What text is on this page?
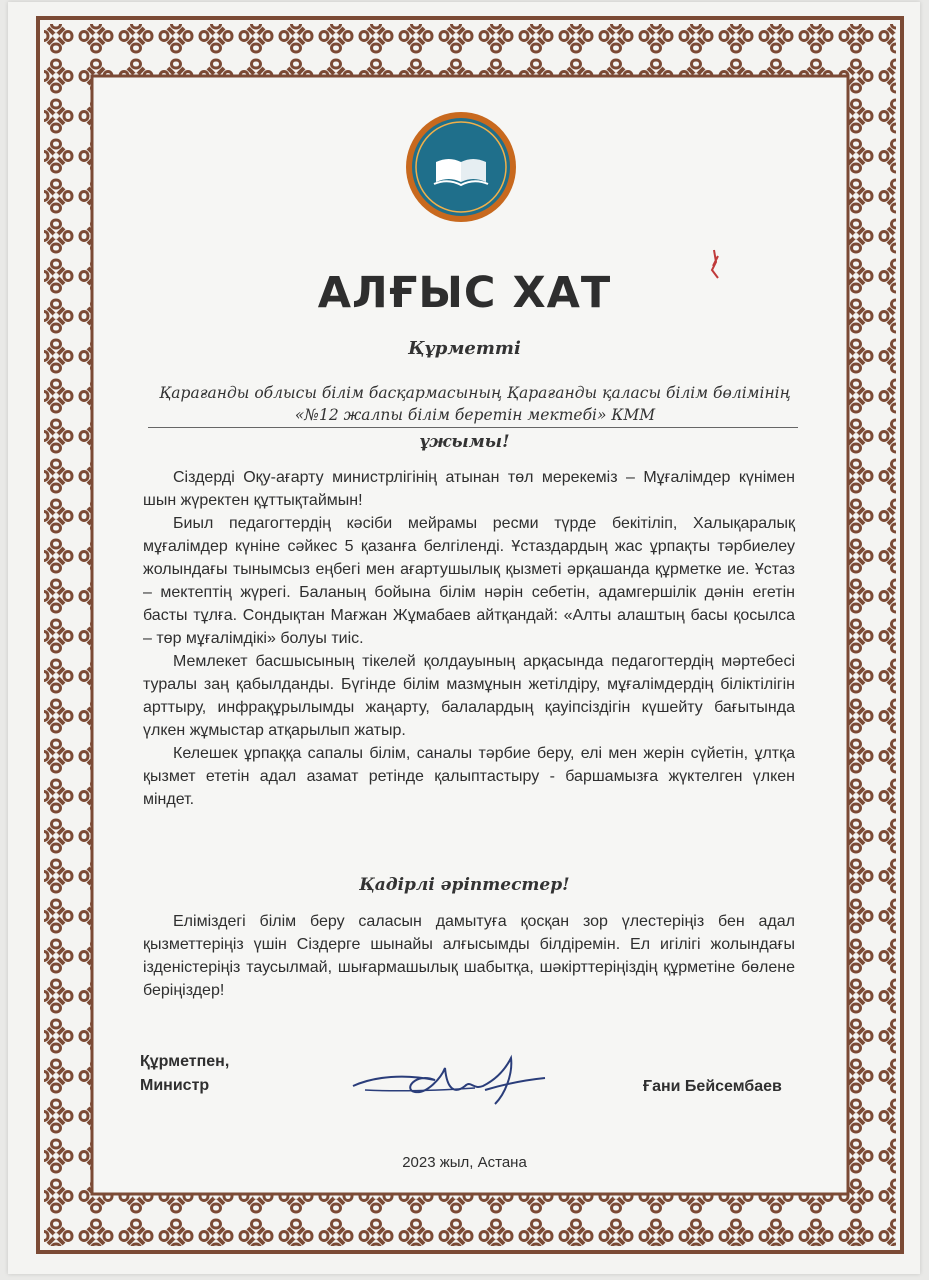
АЛҒЫС ХАТ
Құрметті
Қарағанды облысы білім басқармасының Қарағанды қаласы білім бөлімінің
«№12 жалпы білім беретін мектебі» КММ
ұжымы!

Сіздерді Оқу-ағарту министрлігінің атынан төл мерекеміз – Мұғалімдер күнімен шын жүректен құттықтаймын!

Биыл педагогтердің кәсіби мейрамы ресми түрде бекітіліп, Халықаралық мұғалімдер күніне сәйкес 5 қазанға белгіленді. Ұстаздардың жас ұрпақты тәрбиелеу жолындағы тынымсыз еңбегі мен ағартушылық қызметі әрқашанда құрметке ие. Ұстаз – мектептің жүрегі. Баланың бойына білім нәрін себетін, адамгершілік дәнін егетін басты тұлға. Сондықтан Мағжан Жұмабаев айтқандай: «Алты алаштың басы қосылса – төр мұғалімдікі» болуы тиіс.

Мемлекет басшысының тікелей қолдауының арқасында педагогтердің мәртебесі туралы заң қабылданды. Бүгінде білім мазмұнын жетілдіру, мұғалімдердің біліктілігін арттыру, инфрақұрылымды жаңарту, балалардың қауіпсіздігін күшейту бағытында үлкен жұмыстар атқарылып жатыр.

Келешек ұрпаққа сапалы білім, саналы тәрбие беру, елі мен жерін сүйетін, ұлтқа қызмет ететін адал азамат ретінде қалыптастыру - баршамызға жүктелген үлкен міндет.

Қадірлі әріптестер!

Еліміздегі білім беру саласын дамытуға қосқан зор үлестеріңіз бен адал қызметтеріңіз үшін Сіздерге шынайы алғысымды білдіремін. Ел игілігі жолындағы ізденістеріңіз таусылмай, шығармашылық шабытқа, шәкірттеріңіздің құрметіне бөлене беріңіздер!

Құрметпен,
Министр	Ғани Бейсембаев
2023 жыл, Астана
